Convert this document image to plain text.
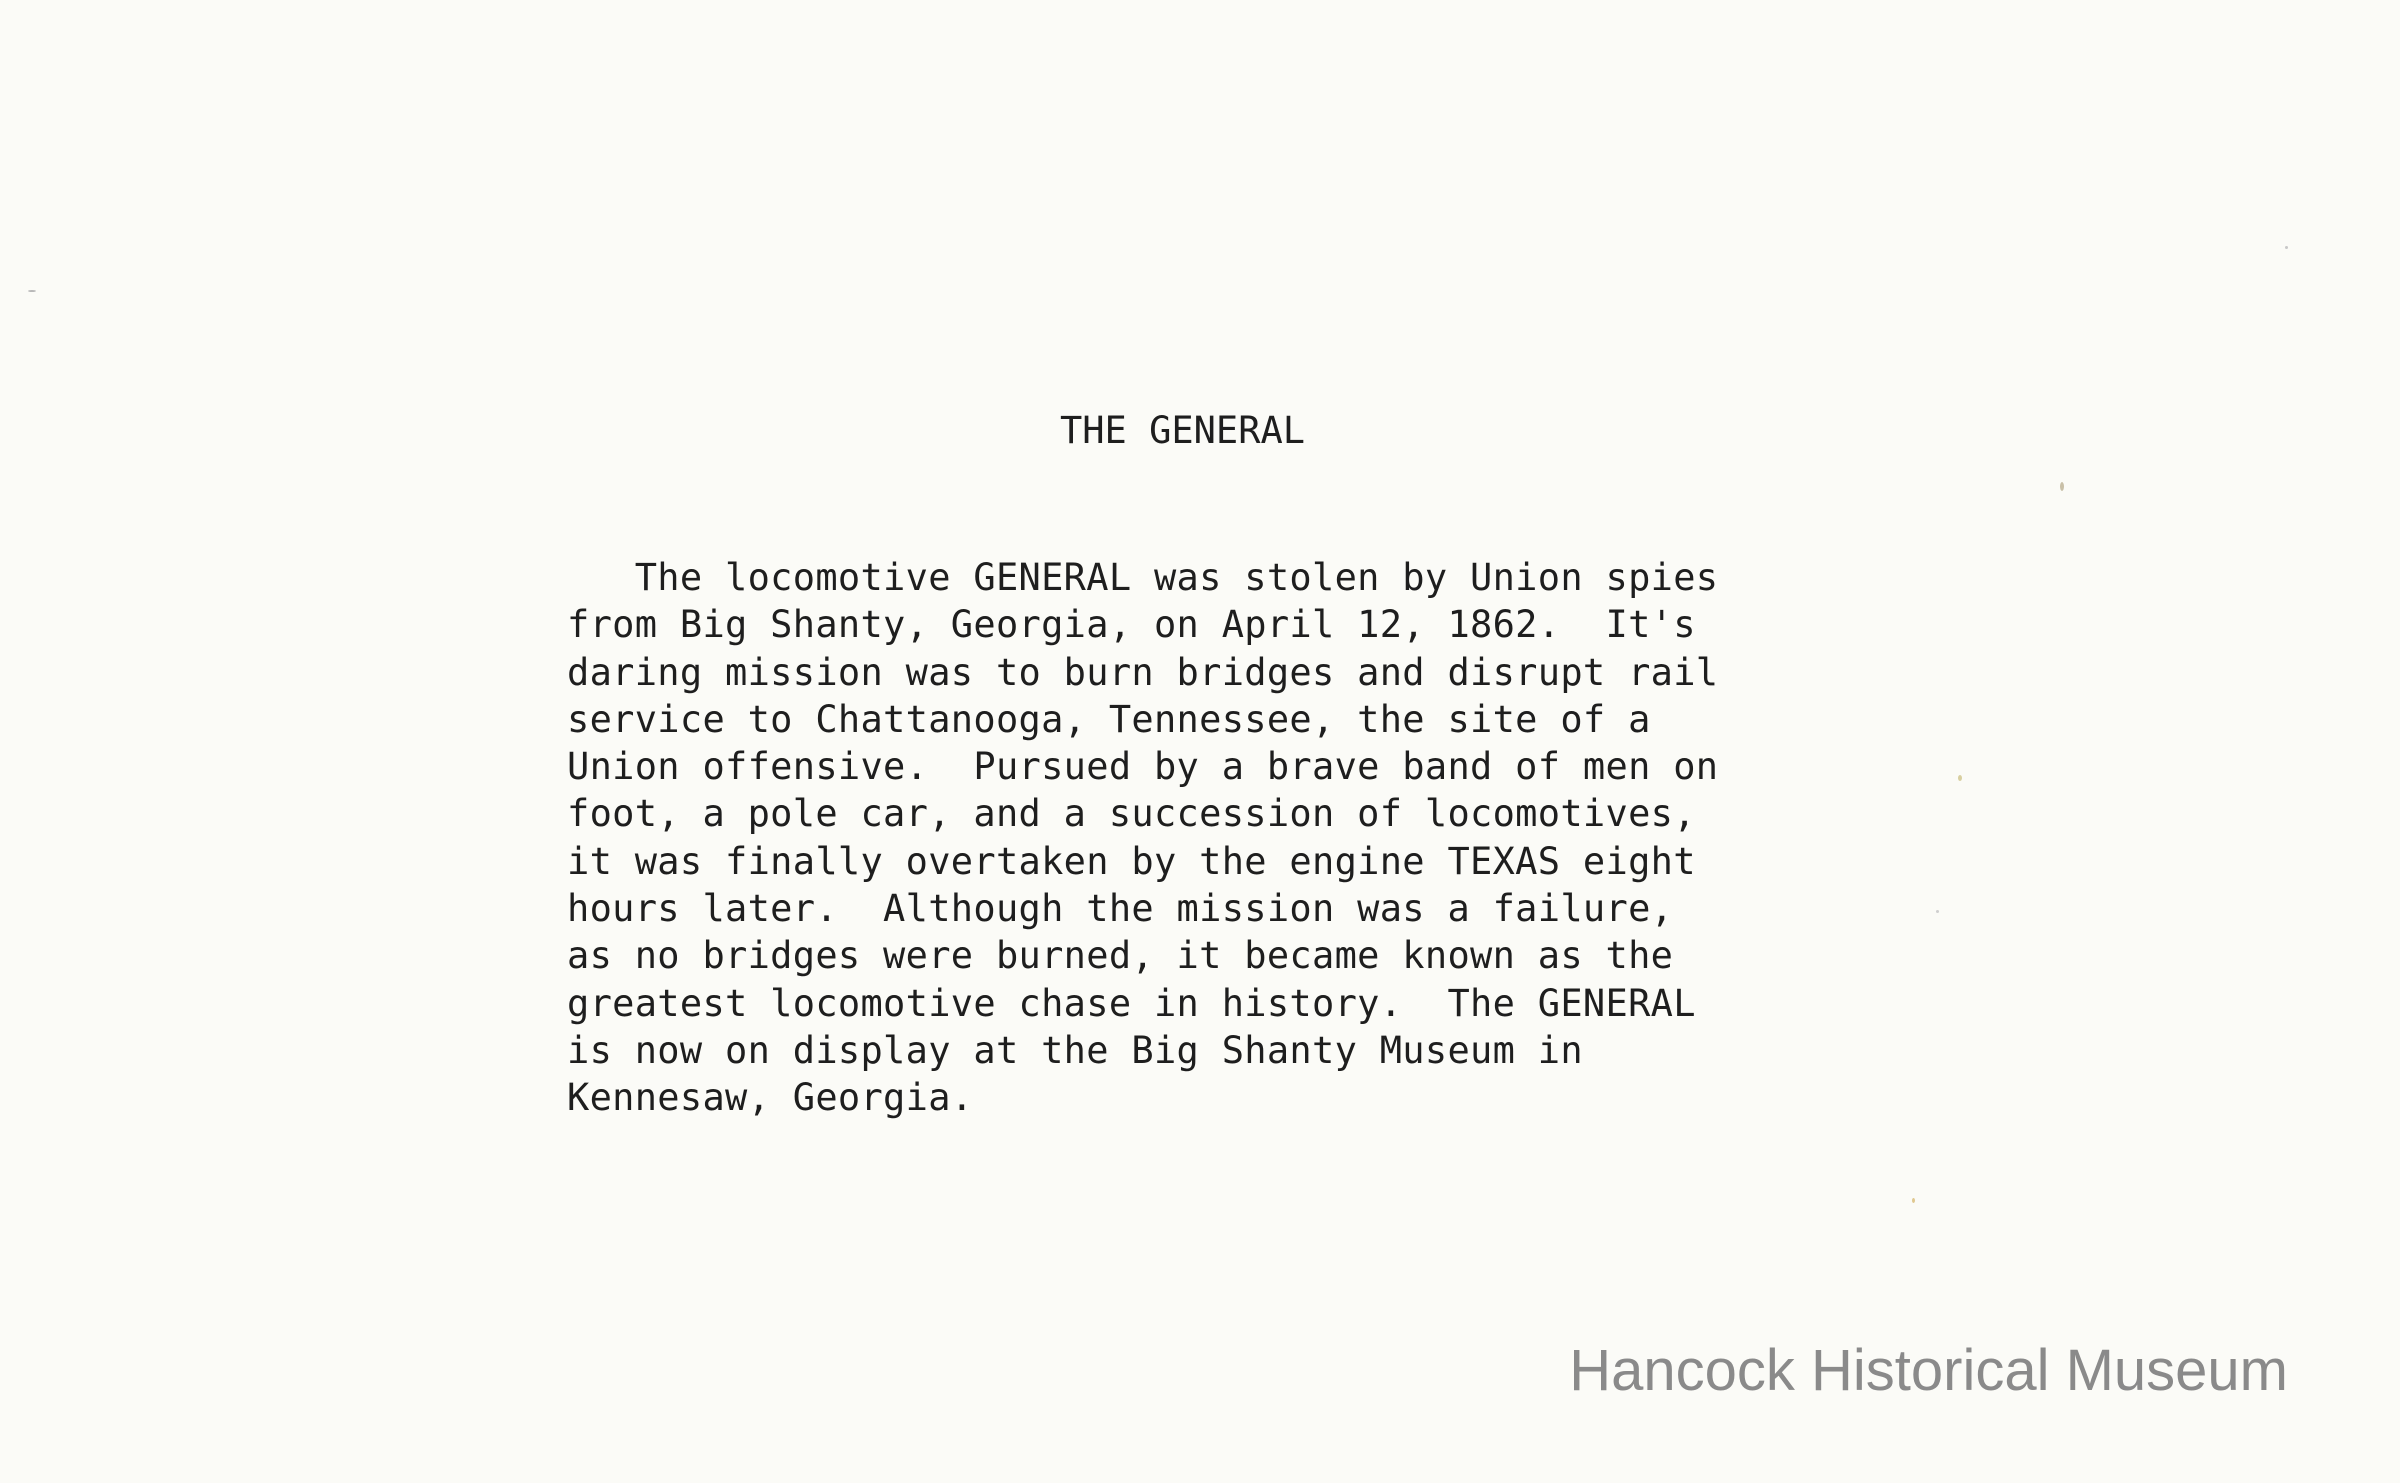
THE GENERAL
The locomotive GENERAL was stolen by Union spies
from Big Shanty, Georgia, on April 12, 1862.  It's
daring mission was to burn bridges and disrupt rail
service to Chattanooga, Tennessee, the site of a
Union offensive.  Pursued by a brave band of men on
foot, a pole car, and a succession of locomotives,
it was finally overtaken by the engine TEXAS eight
hours later.  Although the mission was a failure,
as no bridges were burned, it became known as the
greatest locomotive chase in history.  The GENERAL
is now on display at the Big Shanty Museum in
Kennesaw, Georgia.
Hancock Historical Museum
